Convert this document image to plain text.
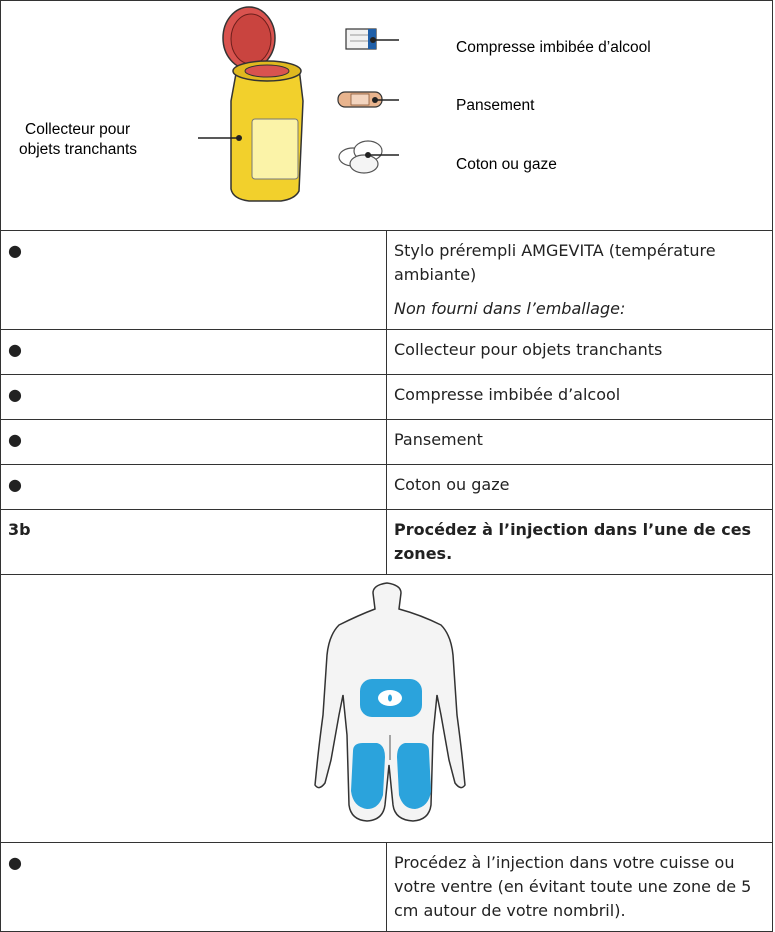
Collecteur pour
objets tranchants
Compresse imbibée d’alcool
Pansement
Coton ou gaze	

●	Stylo prérempli AMGEVITA (température ambiante)
Non fourni dans l’emballage:

●	Collecteur pour objets tranchants

●	Compresse imbibée d’alcool

●	Pansement

●	Coton ou gaze

3b	Procédez à l’injection dans l’une de ces zones.

●	Procédez à l’injection dans votre cuisse ou votre ventre (en évitant toute une zone de 5 cm autour de votre nombril).
